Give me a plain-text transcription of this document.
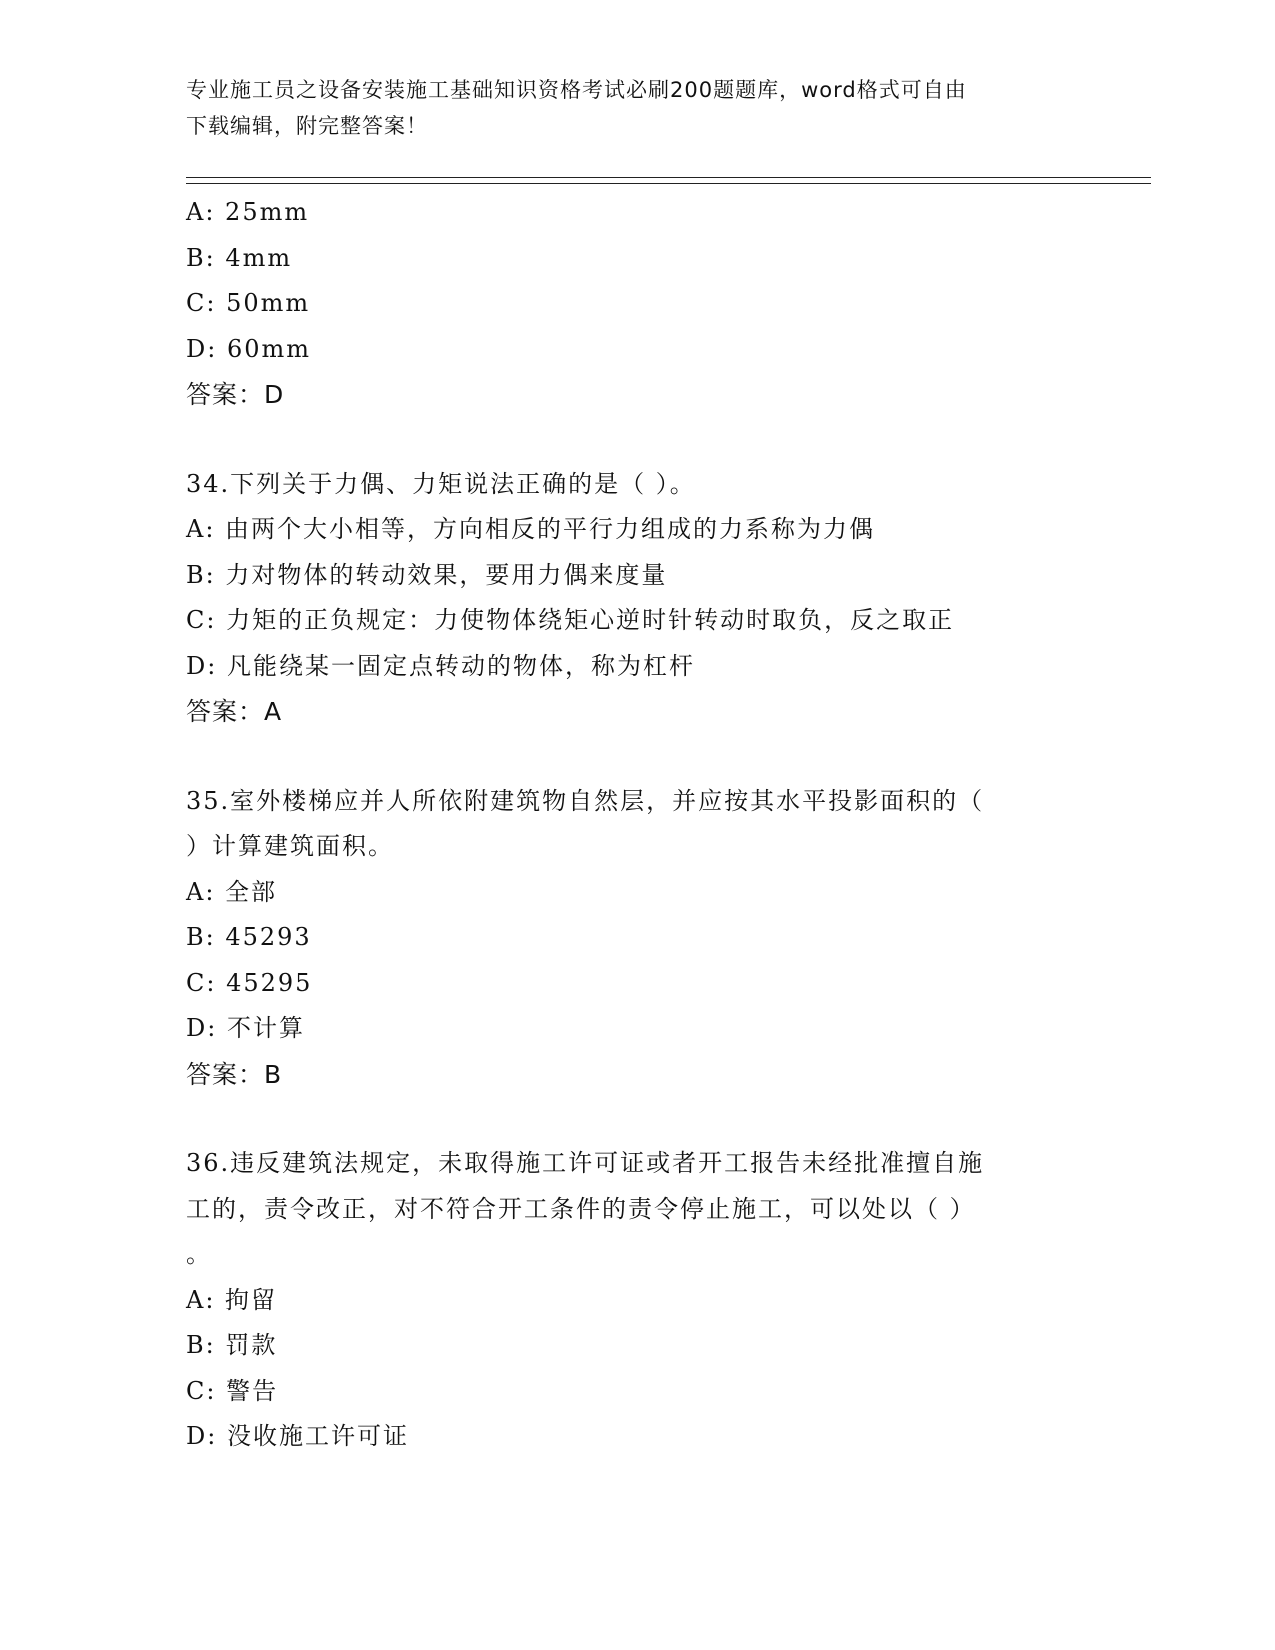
专业施工员之设备安装施工基础知识资格考试必刷200题题库，word格式可自由
下载编辑，附完整答案！
A: 25mm
B: 4mm
C: 50mm
D: 60mm
答案：D
34.下列关于力偶、力矩说法正确的是（ ）。
A: 由两个大小相等，方向相反的平行力组成的力系称为力偶
B: 力对物体的转动效果，要用力偶来度量
C: 力矩的正负规定：力使物体绕矩心逆时针转动时取负，反之取正
D: 凡能绕某一固定点转动的物体，称为杠杆
答案：A
35.室外楼梯应并人所依附建筑物自然层，并应按其水平投影面积的（
）计算建筑面积。
A: 全部
B: 45293
C: 45295
D: 不计算
答案：B
36.违反建筑法规定，未取得施工许可证或者开工报告未经批准擅自施
工的，责令改正，对不符合开工条件的责令停止施工，可以处以（ ）
。
A: 拘留
B: 罚款
C: 警告
D: 没收施工许可证
